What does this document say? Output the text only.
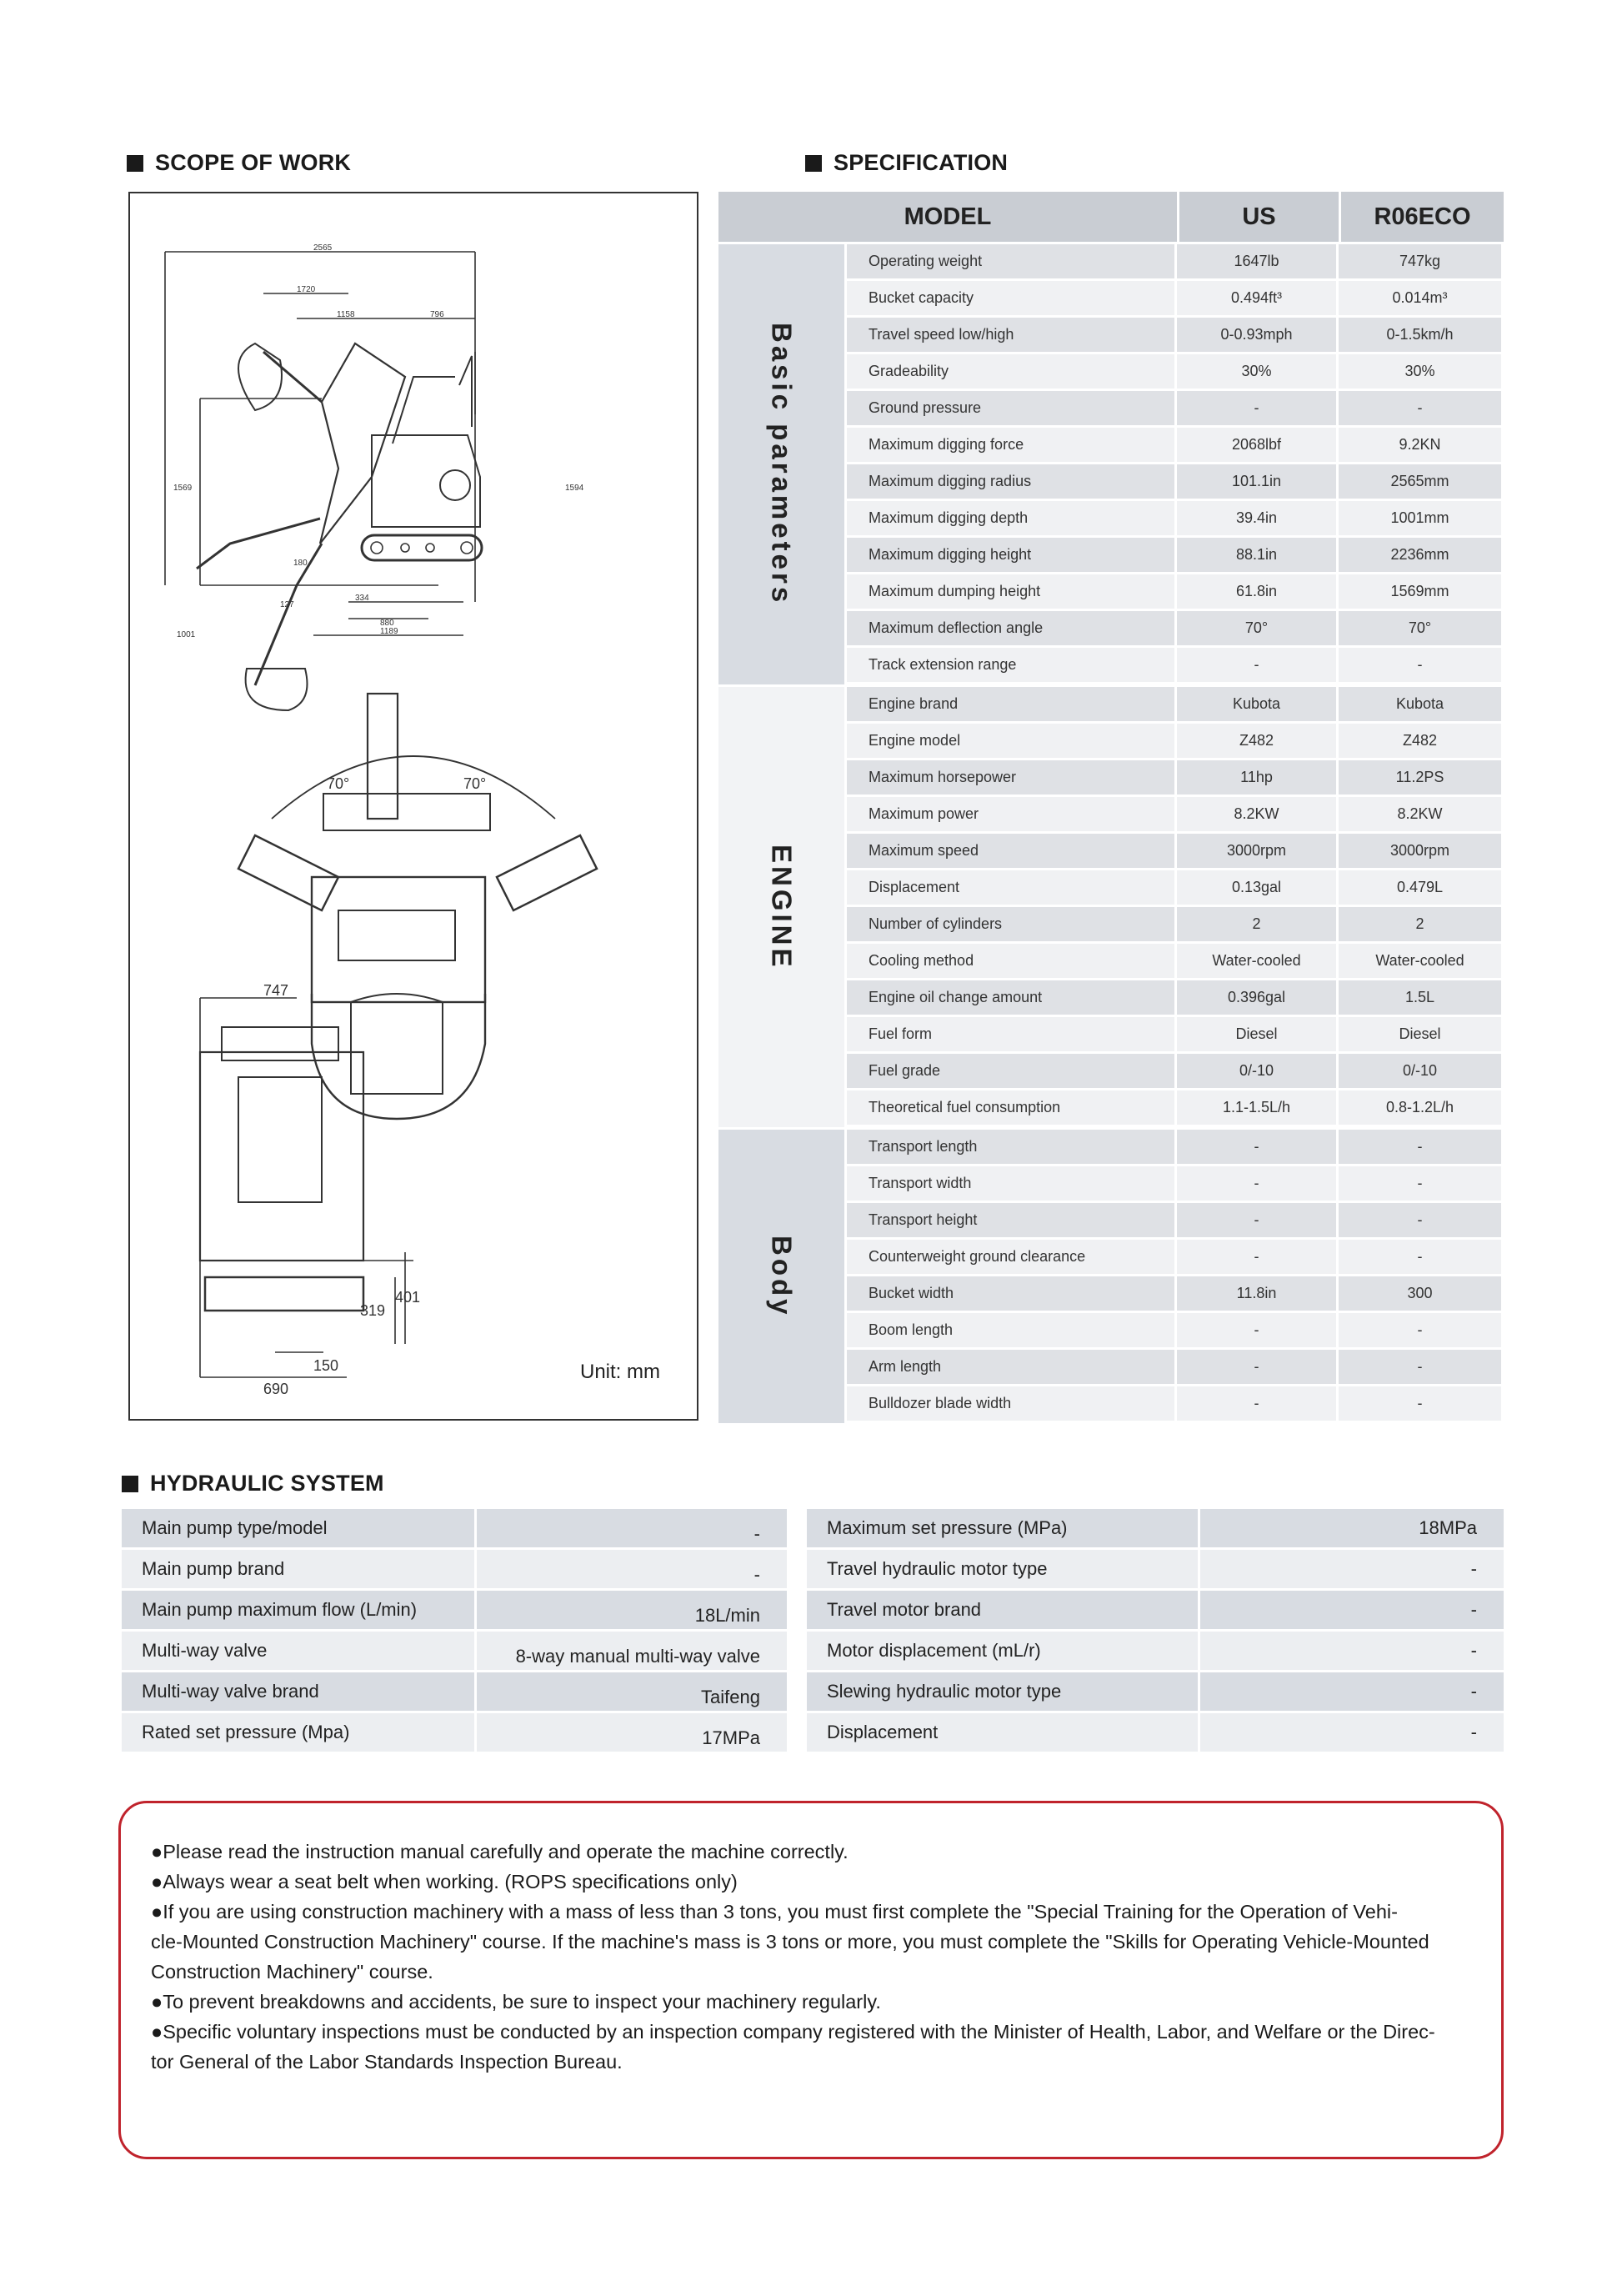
SCOPE OF WORK	SPECIFICATION
HYDRAULIC SYSTEM
2565
1720
1158	796
1569	1594
1001
180
127
334
880
1189
70°	70°
747
319
401
150
690
Unit: mm
MODEL	US	R06ECO
Basic parameters
Operating weight	1647lb	747kg
Bucket capacity	0.494ft³	0.014m³
Travel speed low/high	0-0.93mph	0-1.5km/h
Gradeability	30%	30%
Ground pressure	-	-
Maximum digging force	2068lbf	9.2KN
Maximum digging radius	101.1in	2565mm
Maximum digging depth	39.4in	1001mm
Maximum digging height	88.1in	2236mm
Maximum dumping height	61.8in	1569mm
Maximum deflection angle	70°	70°
Track extension range	-	-
ENGINE
Engine brand	Kubota	Kubota
Engine model	Z482	Z482
Maximum horsepower	11hp	11.2PS
Maximum power	8.2KW	8.2KW
Maximum speed	3000rpm	3000rpm
Displacement	0.13gal	0.479L
Number of cylinders	2	2
Cooling method	Water-cooled	Water-cooled
Engine oil change amount	0.396gal	1.5L
Fuel form	Diesel	Diesel
Fuel grade	0/-10	0/-10
Theoretical fuel consumption	1.1-1.5L/h	0.8-1.2L/h
Body
Transport length	-	-
Transport width	-	-
Transport height	-	-
Counterweight ground clearance	-	-
Bucket width	11.8in	300
Boom length	-	-
Arm length	-	-
Bulldozer blade width	-	-
Main pump type/model	-
Main pump brand	-
Main pump maximum flow (L/min)	18L/min
Multi-way valve	8-way manual multi-way valve
Multi-way valve brand	Taifeng
Rated set pressure (Mpa)	17MPa
Maximum set pressure (MPa)	18MPa
Travel hydraulic motor type	-
Travel motor brand	-
Motor displacement (mL/r)	-
Slewing hydraulic motor type	-
Displacement	-

●Please read the instruction manual carefully and operate the machine correctly.

●Always wear a seat belt when working. (ROPS specifications only)

●If you are using construction machinery with a mass of less than 3 tons, you must first complete the "Special Training for the Operation of Vehi-

cle-Mounted Construction Machinery" course. If the machine's mass is 3 tons or more, you must complete the "Skills for Operating Vehicle-Mounted

Construction Machinery" course.

●To prevent breakdowns and accidents, be sure to inspect your machinery regularly.

●Specific voluntary inspections must be conducted by an inspection company registered with the Minister of Health, Labor, and Welfare or the Direc-

tor General of the Labor Standards Inspection Bureau.
